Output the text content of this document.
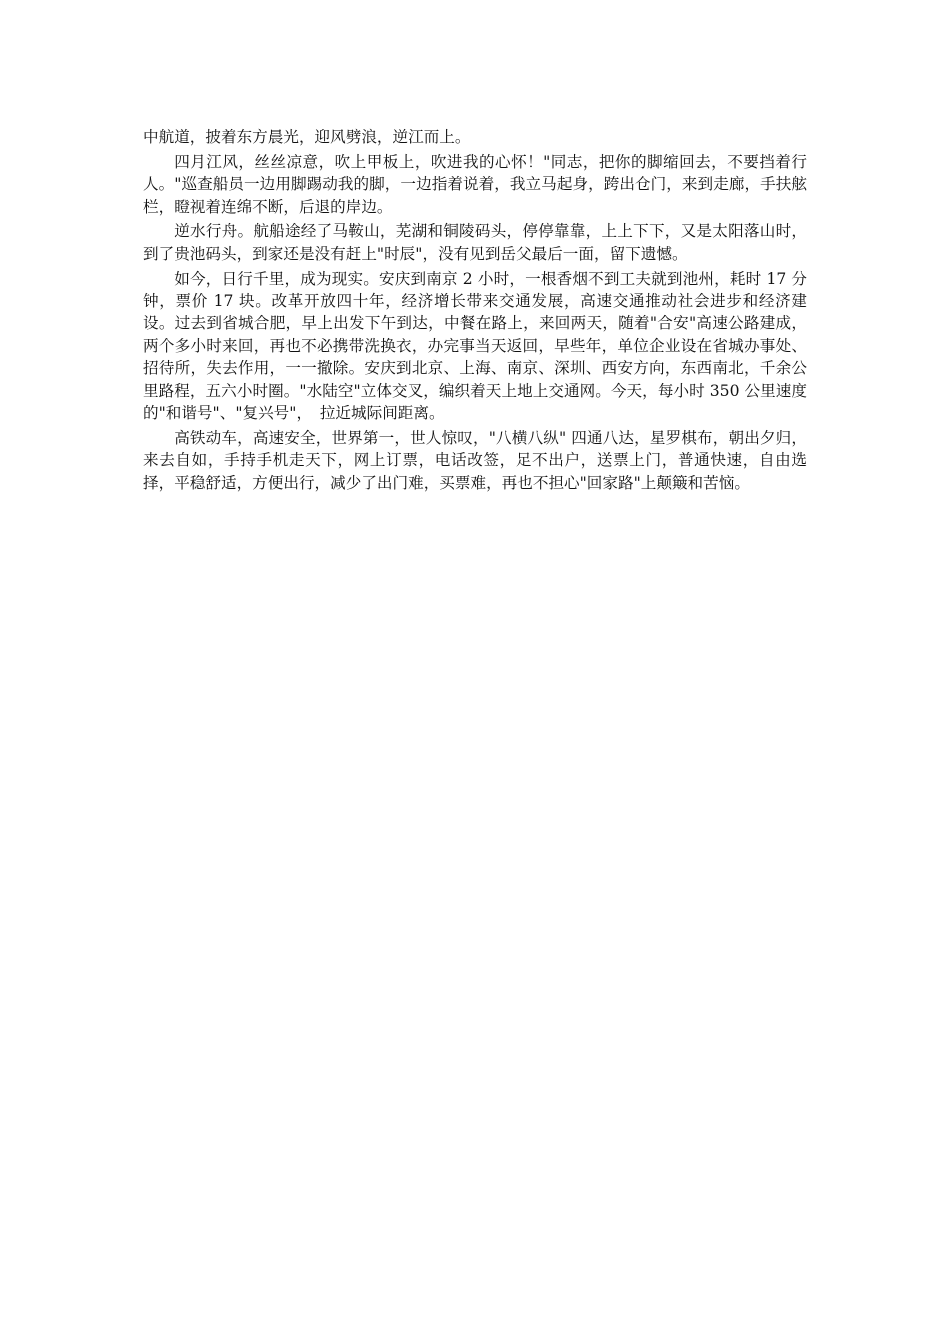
中航道，披着东方晨光，迎风劈浪，逆江而上。

四月江风，丝丝凉意，吹上甲板上，吹进我的心怀！"同志，把你的脚缩回去，不要挡着行人。"巡查船员一边用脚踢动我的脚，一边指着说着，我立马起身，跨出仓门，来到走廊，手扶舷栏，瞪视着连绵不断，后退的岸边。

逆水行舟。航船途经了马鞍山，芜湖和铜陵码头，停停靠靠，上上下下，又是太阳落山时，到了贵池码头，到家还是没有赶上"时辰"，没有见到岳父最后一面，留下遗憾。

如今，日行千里，成为现实。安庆到南京 2 小时，一根香烟不到工夫就到池州，耗时 17 分钟，票价 17 块。改革开放四十年，经济增长带来交通发展，高速交通推动社会进步和经济建设。过去到省城合肥，早上出发下午到达，中餐在路上，来回两天，随着"合安"高速公路建成，两个多小时来回，再也不必携带洗换衣，办完事当天返回，早些年，单位企业设在省城办事处、招待所，失去作用，一一撤除。安庆到北京、上海、南京、深圳、西安方向，东西南北，千余公里路程，五六小时圈。"水陆空"立体交叉，编织着天上地上交通网。今天，每小时 350 公里速度的"和谐号"、"复兴号"，　拉近城际间距离。

高铁动车，高速安全，世界第一，世人惊叹，"八横八纵" 四通八达，星罗棋布，朝出夕归，来去自如，手持手机走天下，网上订票，电话改签，足不出户，送票上门，普通快速，自由选择，平稳舒适，方便出行，减少了出门难，买票难，再也不担心"回家路"上颠簸和苦恼。
